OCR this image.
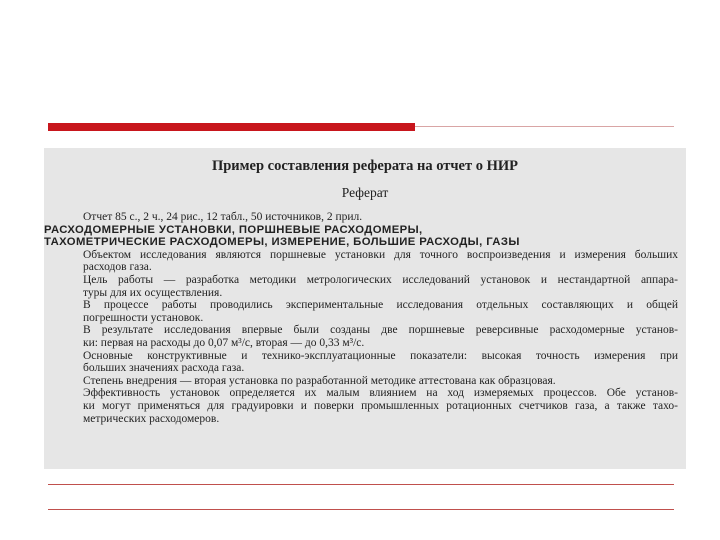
Пример составления реферата на отчет о НИР
Реферат
Отчет 85 с., 2 ч., 24 рис., 12 табл., 50 источников, 2 прил.
РАСХОДОМЕРНЫЕ УСТАНОВКИ, ПОРШНЕВЫЕ РАСХОДОМЕРЫ,
ТАХОМЕТРИЧЕСКИЕ РАСХОДОМЕРЫ, ИЗМЕРЕНИЕ, БОЛЬШИЕ РАСХОДЫ, ГАЗЫ
Объектом исследования являются поршневые установки для точного воспроизведения и измерения больших
расходов газа.
Цель работы — разработка методики метрологических исследований установок и нестандартной аппара-
туры для их осуществления.
В процессе работы проводились экспериментальные исследования отдельных составляющих и общей
погрешности установок.
В результате исследования впервые были созданы две поршневые реверсивные расходомерные установ-
ки: первая на расходы до 0,07 м³/с, вторая — до 0,33 м³/с.
Основные конструктивные и технико-эксплуатационные показатели: высокая точность измерения при
больших значениях расхода газа.
Степень внедрения — вторая установка по разработанной методике аттестована как образцовая.
Эффективность установок определяется их малым влиянием на ход измеряемых процессов. Обе установ-
ки могут применяться для градуировки и поверки промышленных ротационных счетчиков газа, а также тахо-
метрических расходомеров.
